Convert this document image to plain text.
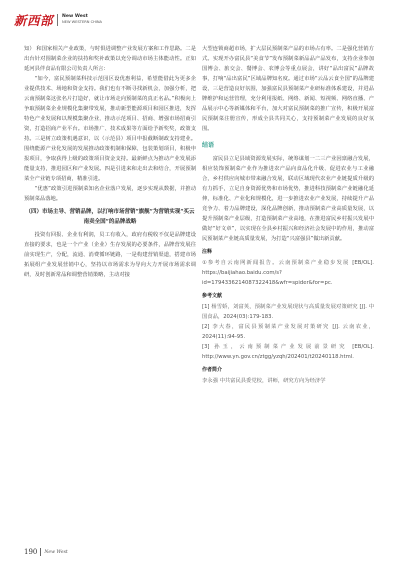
新西部 New West
NEW WESTERN CHINA

知） 和国家相关产业政策，与时俱进调整产业发展方案和工作思路。二是出台针对围制菜企业的扶持和奖补政策以充分调动市场主体能动性。正如延河县伴食品有限公司负责人所言：

“如今，富民预制菜科技示范园区设优惠利益，希望能借此为更多企业提供技术、场地和资金支持。我们也有不断寻找新机会，加强分析，把云南预制菜这张名片打造好，就让市场走向预制菜的真正名品。”积极向上争取预制菜企业规模化集聚带发展，推动新型能源项目和园区推进，发挥特色产业发展和以规模集聚企业，推动示范项目、招商、增强市场招商引资，打造招商产业平台。市场推广、技术成果等方面给予新奖奖，政策支持。三是树立政策机遇意识，以（示范县）项目申报截断制政支持建业。围绕能源产业化发展的发展推动政策机制和保障，包装策划项目，积极申报项目，争取获得上级的政策项目资金支持。最新鲜点为推动产业发展添能量支持，推进园区和产业发展。四是引进来和走出去和结合，开展预制菜全产业链专项招商，精准引进。

“优惠”政策引进预制菜知名企业落户发展，逐步实现从数据，并推动预制菜品落地。

（四）市场主导、营销品牌，以打响市场营销“旗舰”为营销实现“买云南卖全国”的品牌战略

投资有回报、企业有利润，员工有收入，政府有税收不仅是品牌建设直接的要求，也是一个产业（企业）生存发展的必要条件，品牌营发展往前实现生产，分配，流通、消费循环链路，一是构建营销渠道，搭建市场拓展组产业发展营销中心，坚持以市场需求为导向大力开展市场需求调研，及时创新常品和调整营销策略，主动对接

大型连锁商超市场，扩大层民预制菜产品的市场占有率。二是强化营销方式。实现开办富民县“美食节”发布预制菜新品品产品发布，支持企业参加国博会、旅交会、餐博会、农博会等重点展会，讲好“品出富民”品牌故事，打响“品出富民”区域品牌知名度。通过市场“云品云食全国”的品牌建设，三是营造良好氛围，加强富民县预制菜产业研标准体系建设，并进品牌维护和运营管理，充分利用报纸、网络、新闻、短视频、网络直播、产品展示中心等新媒体和平台，加大对富民预制菜的推广宣传，积极开展富民预制菜注册宣传，形成全县共同关心，支持预制菜产业发展的良好氛围。

结语

富民县立足县域资源发展实际，统筹谋划一二三产业因禀融合发展，相应装饰预制菜产业作为推进农产品向食品化升级、促进农业与工业融合，乡村供应向城市带来融合发展，联动区域现代农业产业链提质升级的有力抓手，立足自身资源优势和市场优势，推进科技预制菜产业链融化延伸，标准化、产业化和规模化，进一步推进农业产业发展，持续提升产品竞争力、着力品牌建设，深化品牌创新，推动预制菜产业高质量发展，以提升预制菜产业层级，打造预制菜产业高地，在推进富民乡村振兴发展中做好“好文章”，以实现在全县乡村振兴和经济社会发展中的作用，推动富民预制菜产业链高质量发展，为打造“兴富强县”做出新贡献。

注释

①参考自云南网新闻报告。云南预制菜产业稳步发展 [EB/OL]. https://baijiahao.baidu.com/s?id=1794336214087322418&wfr=spider&for=pc.

参考文献

[1] 杨雪娇，刘富英，预制菜产业发展现状与高质量发展对策研究 [J]. 中国食品，2024(03):179-183.

[2] 李大春，富民县预制菜产业发展对策研究 [J]. 云南农业，2024(11):94-95.

[3] 孙玉，云南预制菜产业发展前景研究 [EB/OL]. http://www.yn.gov.cn/ztgg/yzqh/202401/t20240118.html.

作者简介

李永强 中共富民县委党校，讲师，研究方向为经济学

190 New West
